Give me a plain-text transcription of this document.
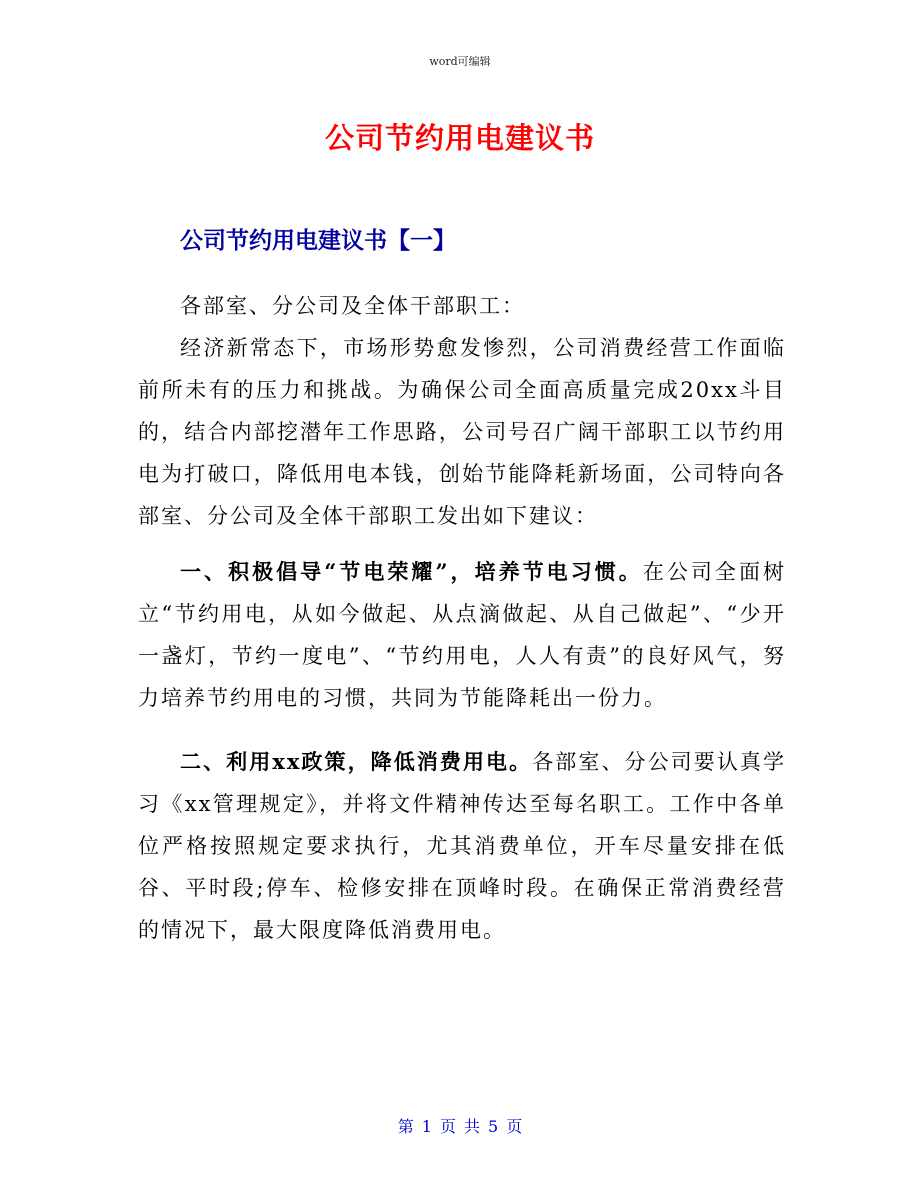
word可编辑
公司节约用电建议书
公司节约用电建议书【一】

各部室、分公司及全体干部职工：

经济新常态下，市场形势愈发惨烈，公司消费经营工作面临前所未有的压力和挑战。为确保公司全面高质量完成20xx斗目的，结合内部挖潜年工作思路，公司号召广阔干部职工以节约用电为打破口，降低用电本钱，创始节能降耗新场面，公司特向各部室、分公司及全体干部职工发出如下建议：

一、积极倡导“节电荣耀”，培养节电习惯。在公司全面树立“节约用电，从如今做起、从点滴做起、从自己做起”、“少开一盏灯，节约一度电”、“节约用电，人人有责”的良好风气，努力培养节约用电的习惯，共同为节能降耗出一份力。

二、利用xx政策，降低消费用电。各部室、分公司要认真学习《xx管理规定》，并将文件精神传达至每名职工。工作中各单位严格按照规定要求执行，尤其消费单位，开车尽量安排在低谷、平时段;停车、检修安排在顶峰时段。在确保正常消费经营的情况下，最大限度降低消费用电。

第 1 页 共 5 页
